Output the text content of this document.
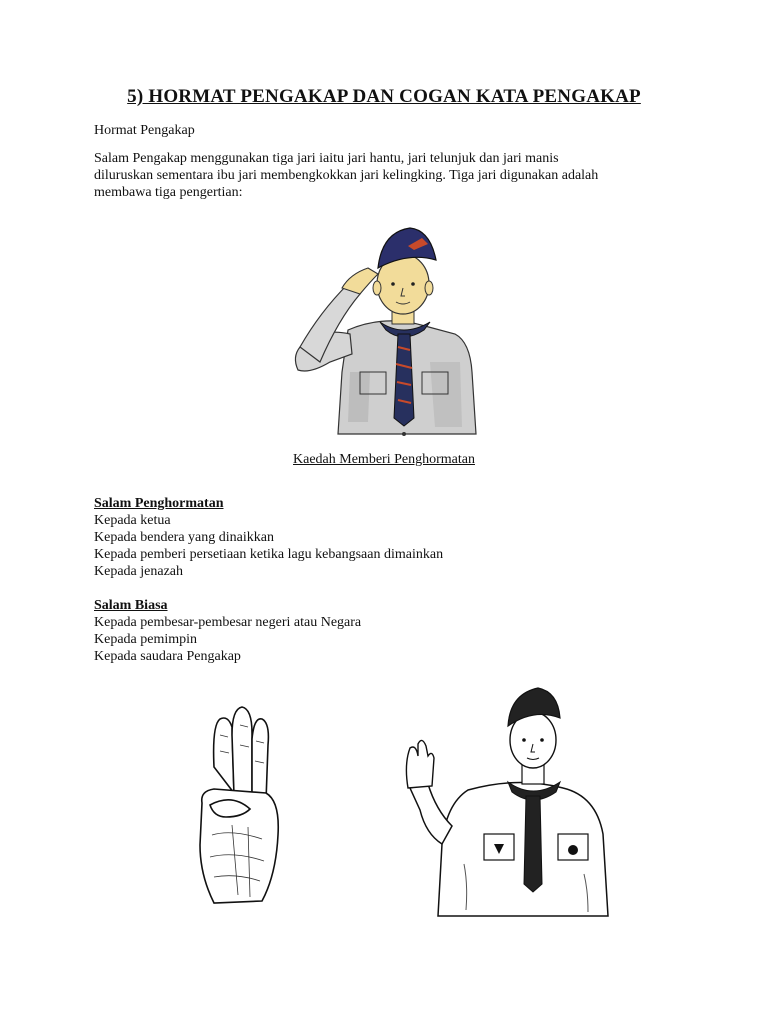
5) HORMAT PENGAKAP DAN COGAN KATA PENGAKAP
Hormat Pengakap
Salam Pengakap menggunakan tiga jari iaitu jari hantu, jari telunjuk dan jari manis
diluruskan sementara ibu jari membengkokkan jari kelingking. Tiga jari digunakan adalah
membawa tiga pengertian:
Kaedah Memberi Penghormatan
Salam Penghormatan
Kepada ketua
Kepada bendera yang dinaikkan
Kepada pemberi persetiaan ketika lagu kebangsaan dimainkan
Kepada jenazah
Salam Biasa
Kepada pembesar-pembesar negeri atau Negara
Kepada pemimpin
Kepada saudara Pengakap
